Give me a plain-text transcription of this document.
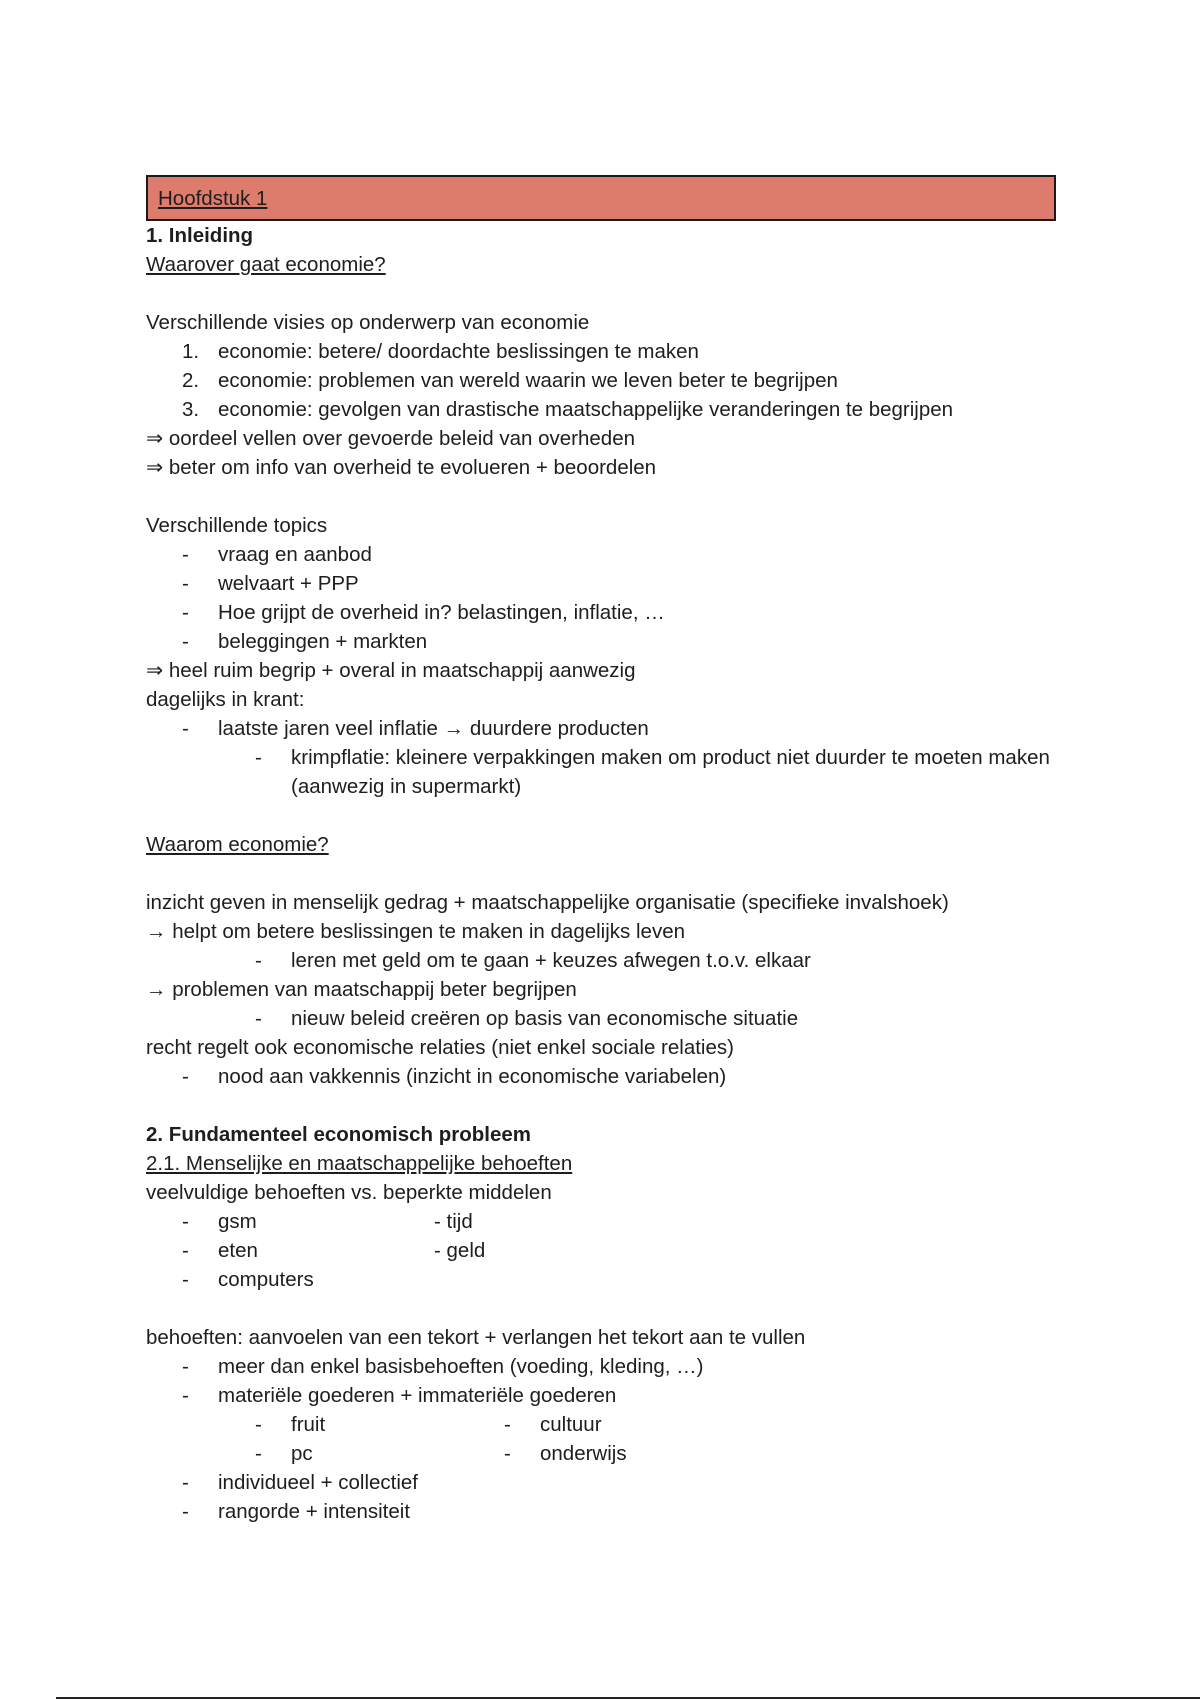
Hoofdstuk 1
1. Inleiding
Waarover gaat economie?
Verschillende visies op onderwerp van economie
1. economie: betere/ doordachte beslissingen te maken
2. economie: problemen van wereld waarin we leven beter te begrijpen
3. economie: gevolgen van drastische maatschappelijke veranderingen te begrijpen
⇒ oordeel vellen over gevoerde beleid van overheden
⇒ beter om info van overheid te evolueren + beoordelen
Verschillende topics
- vraag en aanbod
- welvaart + PPP
- Hoe grijpt de overheid in? belastingen, inflatie, …
- beleggingen + markten
⇒ heel ruim begrip + overal in maatschappij aanwezig
dagelijks in krant:
- laatste jaren veel inflatie → duurdere producten
- krimpflatie: kleinere verpakkingen maken om product niet duurder te moeten maken (aanwezig in supermarkt)
Waarom economie?
inzicht geven in menselijk gedrag + maatschappelijke organisatie (specifieke invalshoek)
→ helpt om betere beslissingen te maken in dagelijks leven
- leren met geld om te gaan + keuzes afwegen t.o.v. elkaar
→ problemen van maatschappij beter begrijpen
- nieuw beleid creëren op basis van economische situatie
recht regelt ook economische relaties (niet enkel sociale relaties)
- nood aan vakkennis (inzicht in economische variabelen)
2. Fundamenteel economisch probleem
2.1. Menselijke en maatschappelijke behoeften
veelvuldige behoeften vs. beperkte middelen
- gsm	- tijd
- eten	- geld
- computers
behoeften: aanvoelen van een tekort + verlangen het tekort aan te vullen
- meer dan enkel basisbehoeften (voeding, kleding, …)
- materiële goederen + immateriële goederen
- fruit	- cultuur
- pc	- onderwijs
- individueel + collectief
- rangorde + intensiteit
